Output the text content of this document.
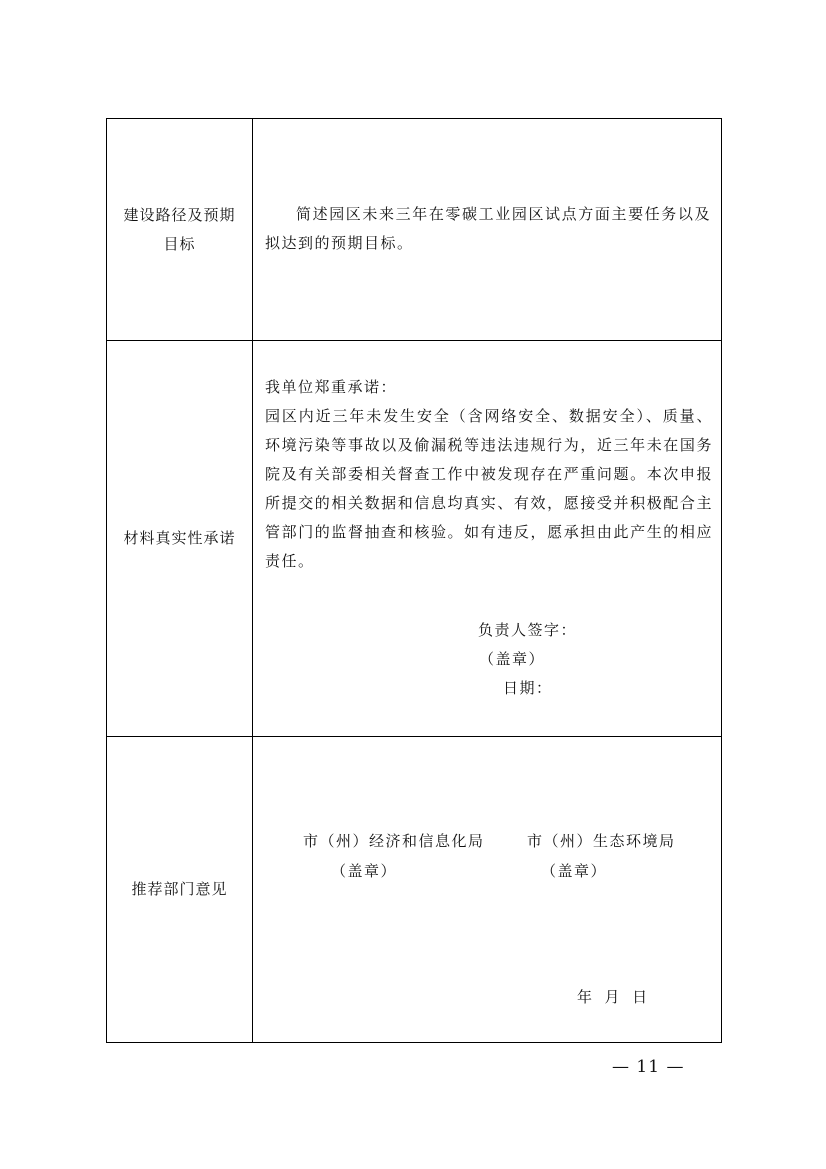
建设路径及预期目标	简述园区未来三年在零碳工业园区试点方面主要任务以及拟达到的预期目标。

材料真实性承诺	我单位郑重承诺：
园区内近三年未发生安全（含网络安全、数据安全）、质量、环境污染等事故以及偷漏税等违法违规行为，近三年未在国务院及有关部委相关督查工作中被发现存在严重问题。本次申报所提交的相关数据和信息均真实、有效，愿接受并积极配合主管部门的监督抽查和核验。如有违反，愿承担由此产生的相应责任。
负责人签字：
（盖章）
日期：

推荐部门意见	市（州）经济和信息化局
（盖章）
市（州）生态环境局
（盖章）
年  月  日
— 11 —
